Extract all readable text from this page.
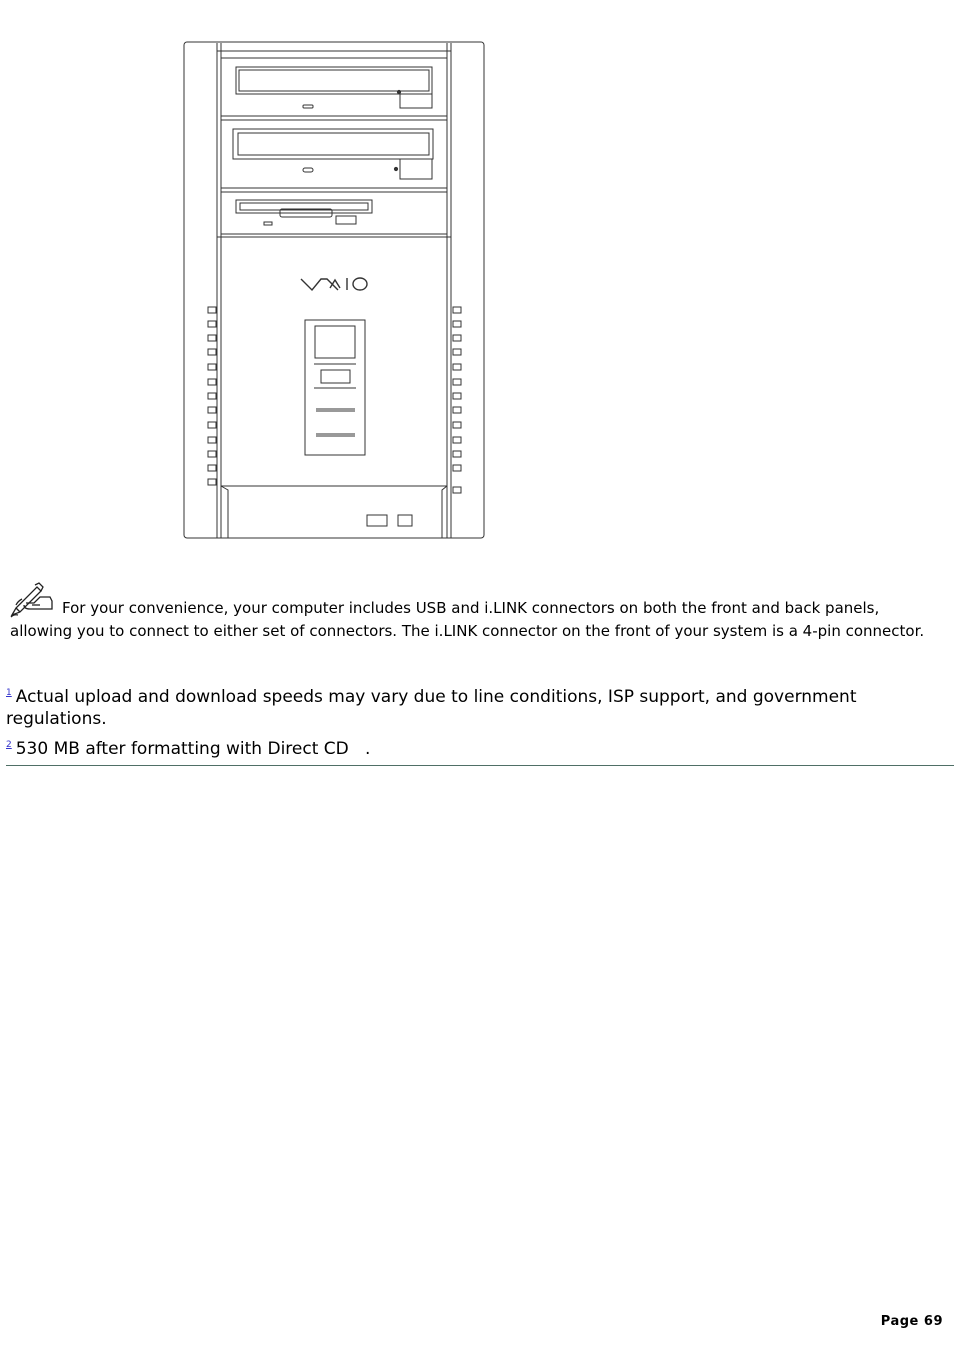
For your convenience, your computer includes USB and i.LINK connectors on both the front and back panels, allowing you to connect to either set of connectors. The i.LINK connector on the front of your system is a 4-pin connector.
$^1$ Actual upload and download speeds may vary due to line conditions, ISP support, and government regulations.
$^2$ 530 MB after formatting with Direct CD   .
Page 69
